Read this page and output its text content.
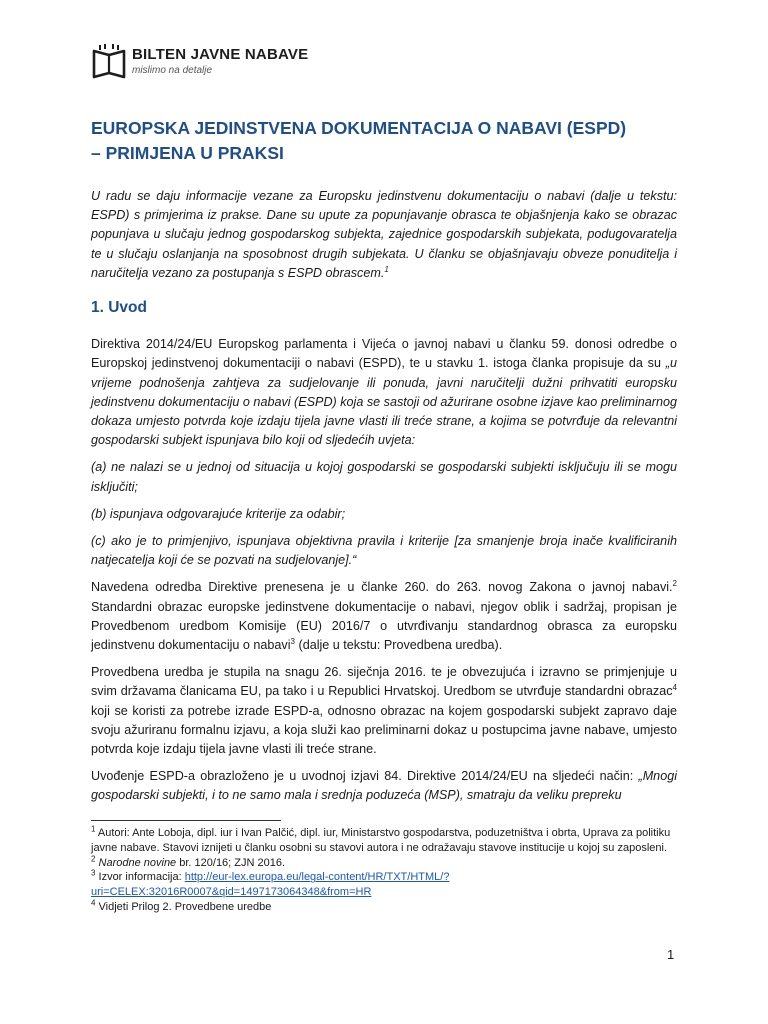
BILTEN JAVNE NABAVE
mislimo na detalje
EUROPSKA JEDINSTVENA DOKUMENTACIJA O NABAVI (ESPD)
– PRIMJENA U PRAKSI

U radu se daju informacije vezane za Europsku jedinstvenu dokumentaciju o nabavi (dalje u tekstu: ESPD) s primjerima iz prakse. Dane su upute za popunjavanje obrasca te objašnjenja kako se obrazac popunjava u slučaju jednog gospodarskog subjekta, zajednice gospodarskih subjekata, podugovaratelja te u slučaju oslanjanja na sposobnost drugih subjekata. U članku se objašnjavaju obveze ponuditelja i naručitelja vezano za postupanja s ESPD obrascem.$^1$

1. Uvod

Direktiva 2014/24/EU Europskog parlamenta i Vijeća o javnoj nabavi u članku 59. donosi odredbe o Europskoj jedinstvenoj dokumentaciji o nabavi (ESPD), te u stavku 1. istoga članka propisuje da su „u vrijeme podnošenja zahtjeva za sudjelovanje ili ponuda, javni naručitelji dužni prihvatiti europsku jedinstvenu dokumentaciju o nabavi (ESPD) koja se sastoji od ažurirane osobne izjave kao preliminarnog dokaza umjesto potvrda koje izdaju tijela javne vlasti ili treće strane, a kojima se potvrđuje da relevantni gospodarski subjekt ispunjava bilo koji od sljedećih uvjeta:

(a) ne nalazi se u jednoj od situacija u kojoj gospodarski se gospodarski subjekti isključuju ili se mogu isključiti;

(b) ispunjava odgovarajuće kriterije za odabir;

(c) ako je to primjenjivo, ispunjava objektivna pravila i kriterije [za smanjenje broja inače kvalificiranih natjecatelja koji će se pozvati na sudjelovanje].“

Navedena odredba Direktive prenesena je u članke 260. do 263. novog Zakona o javnoj nabavi.$^2$ Standardni obrazac europske jedinstvene dokumentacije o nabavi, njegov oblik i sadržaj, propisan je Provedbenom uredbom Komisije (EU) 2016/7 o utvrđivanju standardnog obrasca za europsku jedinstvenu dokumentaciju o nabavi$^3$ (dalje u tekstu: Provedbena uredba).

Provedbena uredba je stupila na snagu 26. siječnja 2016. te je obvezujuća i izravno se primjenjuje u svim državama članicama EU, pa tako i u Republici Hrvatskoj. Uredbom se utvrđuje standardni obrazac$^4$ koji se koristi za potrebe izrade ESPD-a, odnosno obrazac na kojem gospodarski subjekt zapravo daje svoju ažuriranu formalnu izjavu, a koja služi kao preliminarni dokaz u postupcima javne nabave, umjesto potvrda koje izdaju tijela javne vlasti ili treće strane.

Uvođenje ESPD-a obrazloženo je u uvodnoj izjavi 84. Direktive 2014/24/EU na sljedeći način: „Mnogi gospodarski subjekti, i to ne samo mala i srednja poduzeća (MSP), smatraju da veliku prepreku

$^1$ Autori: Ante Loboja, dipl. iur i Ivan Palčić, dipl. iur, Ministarstvo gospodarstva, poduzetništva i obrta, Uprava za politiku javne nabave. Stavovi iznijeti u članku osobni su stavovi autora i ne odražavaju stavove institucije u kojoj su zaposleni.

$^2$ Narodne novine br. 120/16; ZJN 2016.

$^3$ Izvor informacija: http://eur-lex.europa.eu/legal-content/HR/TXT/HTML/?uri=CELEX:32016R0007&qid=1497173064348&from=HR

$^4$ Vidjeti Prilog 2. Provedbene uredbe

1
